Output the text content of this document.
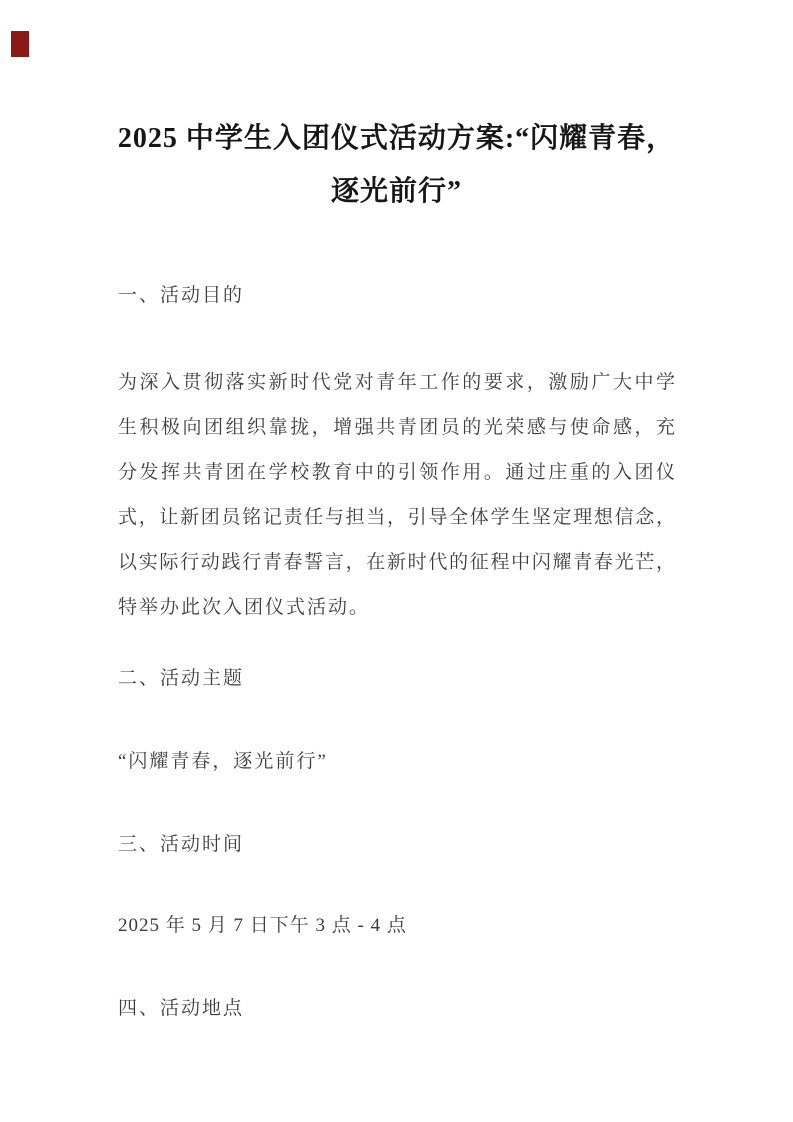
2025 中学生入团仪式活动方案:“闪耀青春，
逐光前行”
一、活动目的
为深入贯彻落实新时代党对青年工作的要求，激励广大中学
生积极向团组织靠拢，增强共青团员的光荣感与使命感，充
分发挥共青团在学校教育中的引领作用。通过庄重的入团仪
式，让新团员铭记责任与担当，引导全体学生坚定理想信念，
以实际行动践行青春誓言，在新时代的征程中闪耀青春光芒，
特举办此次入团仪式活动。
二、活动主题
“闪耀青春，逐光前行”
三、活动时间
2025 年 5 月 7 日下午 3 点 - 4 点
四、活动地点
